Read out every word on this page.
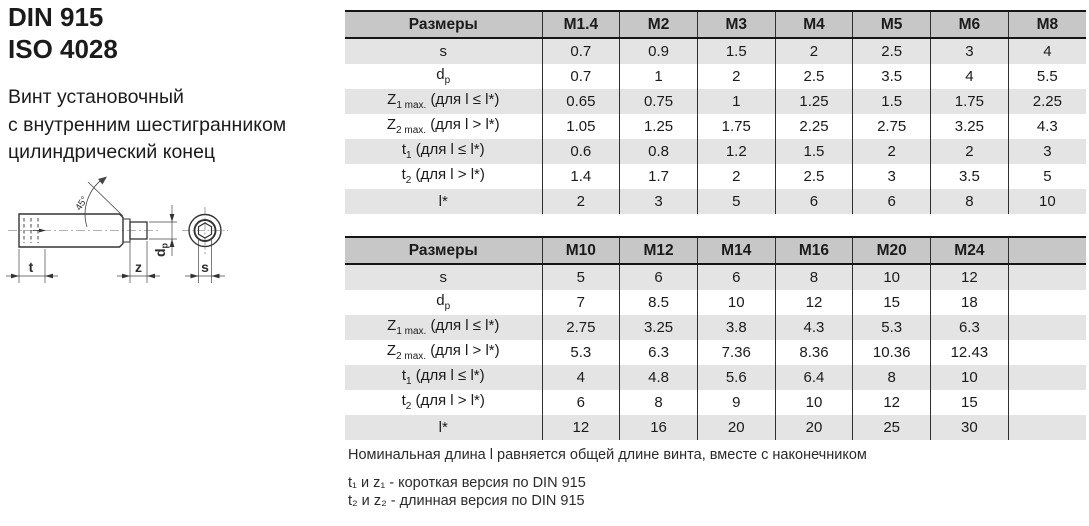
DIN 915
ISO 4028
Винт установочный
с внутренним шестигранником
цилиндрический конец
45°
t	z
dp
s
Размеры	M1.4	M2	M3	M4	M5	M6	M8
s	0.7	0.9	1.5	2	2.5	3	4
$d_p$	0.7	1	2	2.5	3.5	4	5.5
$Z_{1 max.}$ (для l ≤ l*)	0.65	0.75	1	1.25	1.5	1.75	2.25
$Z_{2 max.}$ (для l > l*)	1.05	1.25	1.75	2.25	2.75	3.25	4.3
$t_1$ (для l ≤ l*)	0.6	0.8	1.2	1.5	2	2	3
$t_2$ (для l > l*)	1.4	1.7	2	2.5	3	3.5	5
l*	2	3	5	6	6	8	10
Размеры	M10	M12	M14	M16	M20	M24	
s	5	6	6	8	10	12	
$d_p$	7	8.5	10	12	15	18	
$Z_{1 max.}$ (для l ≤ l*)	2.75	3.25	3.8	4.3	5.3	6.3	
$Z_{2 max.}$ (для l > l*)	5.3	6.3	7.36	8.36	10.36	12.43	
$t_1$ (для l ≤ l*)	4	4.8	5.6	6.4	8	10	
$t_2$ (для l > l*)	6	8	9	10	12	15	
l*	12	16	20	20	25	30	
Номинальная длина l равняется общей длине винта, вместе с наконечником
t₁ и z₁ - короткая версия по DIN 915
t₂ и z₂ - длинная версия по DIN 915
